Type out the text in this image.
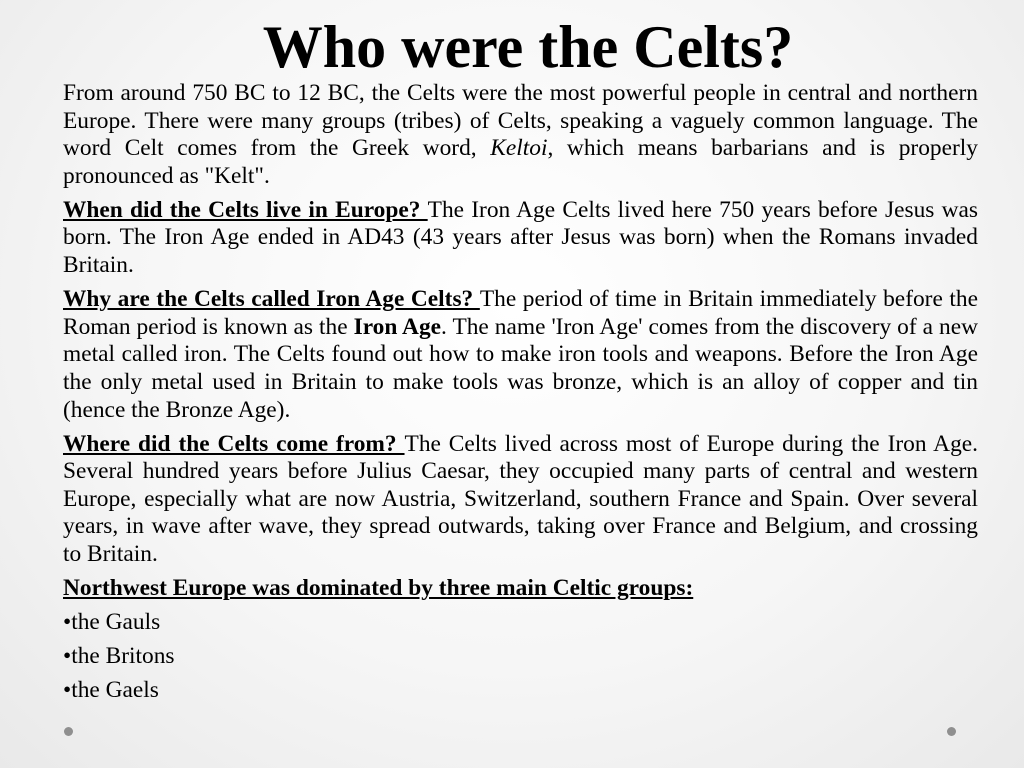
Who were the Celts?

From around 750 BC to 12 BC, the Celts were the most powerful people in central and northern Europe. There were many groups (tribes) of Celts, speaking a vaguely common language. The word Celt comes from the Greek word, Keltoi, which means barbarians and is properly pronounced as "Kelt".

When did the Celts live in Europe? The Iron Age Celts lived here 750 years before Jesus was born. The Iron Age ended in AD43 (43 years after Jesus was born) when the Romans invaded Britain.

Why are the Celts called Iron Age Celts? The period of time in Britain immediately before the Roman period is known as the Iron Age. The name 'Iron Age' comes from the discovery of a new metal called iron. The Celts found out how to make iron tools and weapons. Before the Iron Age the only metal used in Britain to make tools was bronze, which is an alloy of copper and tin (hence the Bronze Age).

Where did the Celts come from? The Celts lived across most of Europe during the Iron Age. Several hundred years before Julius Caesar, they occupied many parts of central and western Europe, especially what are now Austria, Switzerland, southern France and Spain. Over several years, in wave after wave, they spread outwards, taking over France and Belgium, and crossing to Britain.

Northwest Europe was dominated by three main Celtic groups:

•the Gauls
•the Britons
•the Gaels
